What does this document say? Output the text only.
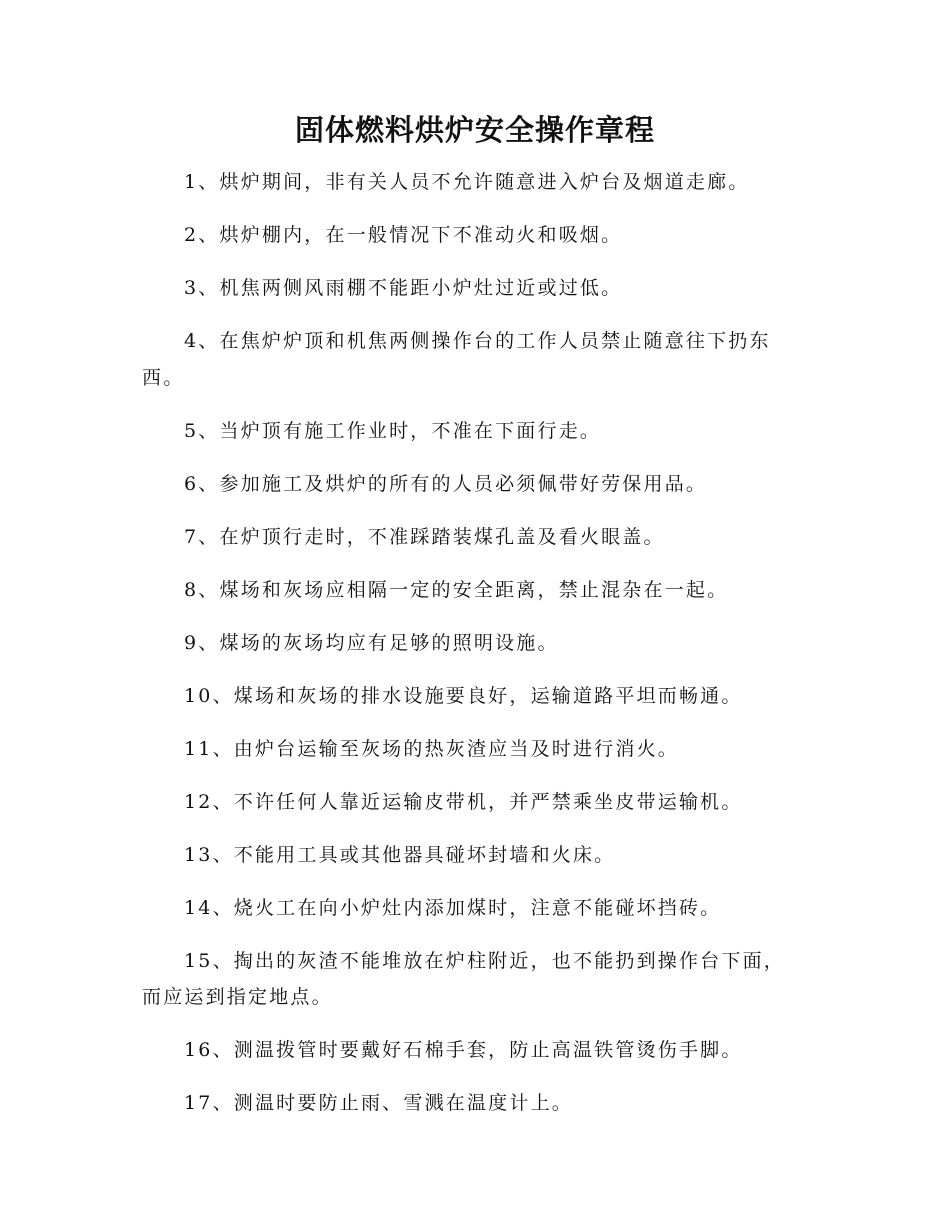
固体燃料烘炉安全操作章程

1、烘炉期间，非有关人员不允许随意进入炉台及烟道走廊。

2、烘炉棚内，在一般情况下不准动火和吸烟。

3、机焦两侧风雨棚不能距小炉灶过近或过低。

4、在焦炉炉顶和机焦两侧操作台的工作人员禁止随意往下扔东西。

5、当炉顶有施工作业时，不准在下面行走。

6、参加施工及烘炉的所有的人员必须佩带好劳保用品。

7、在炉顶行走时，不准踩踏装煤孔盖及看火眼盖。

8、煤场和灰场应相隔一定的安全距离，禁止混杂在一起。

9、煤场的灰场均应有足够的照明设施。

10、煤场和灰场的排水设施要良好，运输道路平坦而畅通。

11、由炉台运输至灰场的热灰渣应当及时进行消火。

12、不许任何人靠近运输皮带机，并严禁乘坐皮带运输机。

13、不能用工具或其他器具碰坏封墙和火床。

14、烧火工在向小炉灶内添加煤时，注意不能碰坏挡砖。

15、掏出的灰渣不能堆放在炉柱附近，也不能扔到操作台下面，而应运到指定地点。

16、测温拨管时要戴好石棉手套，防止高温铁管烫伤手脚。

17、测温时要防止雨、雪溅在温度计上。
